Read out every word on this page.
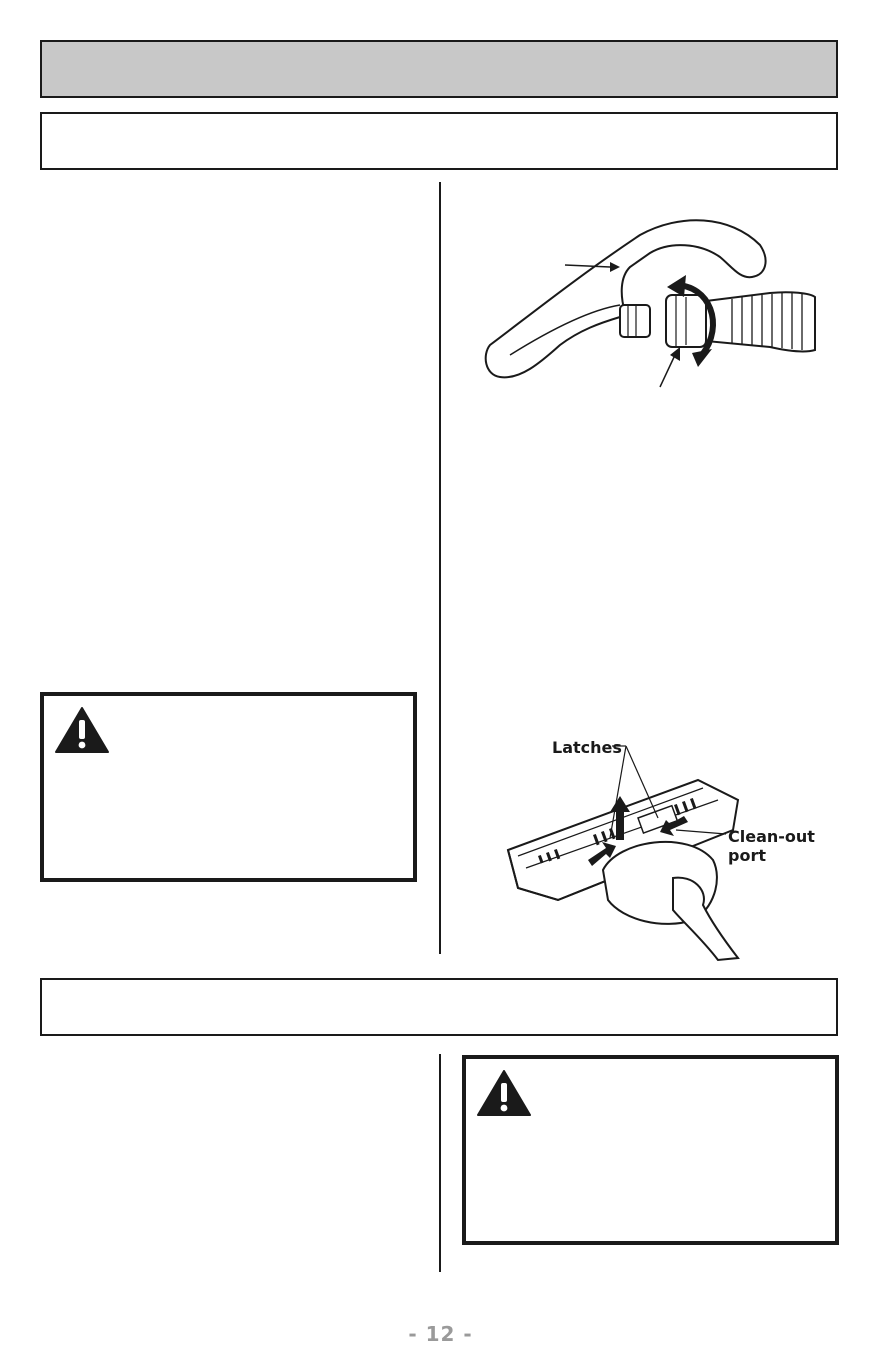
Latches
Clean-out
port
- 12 -
